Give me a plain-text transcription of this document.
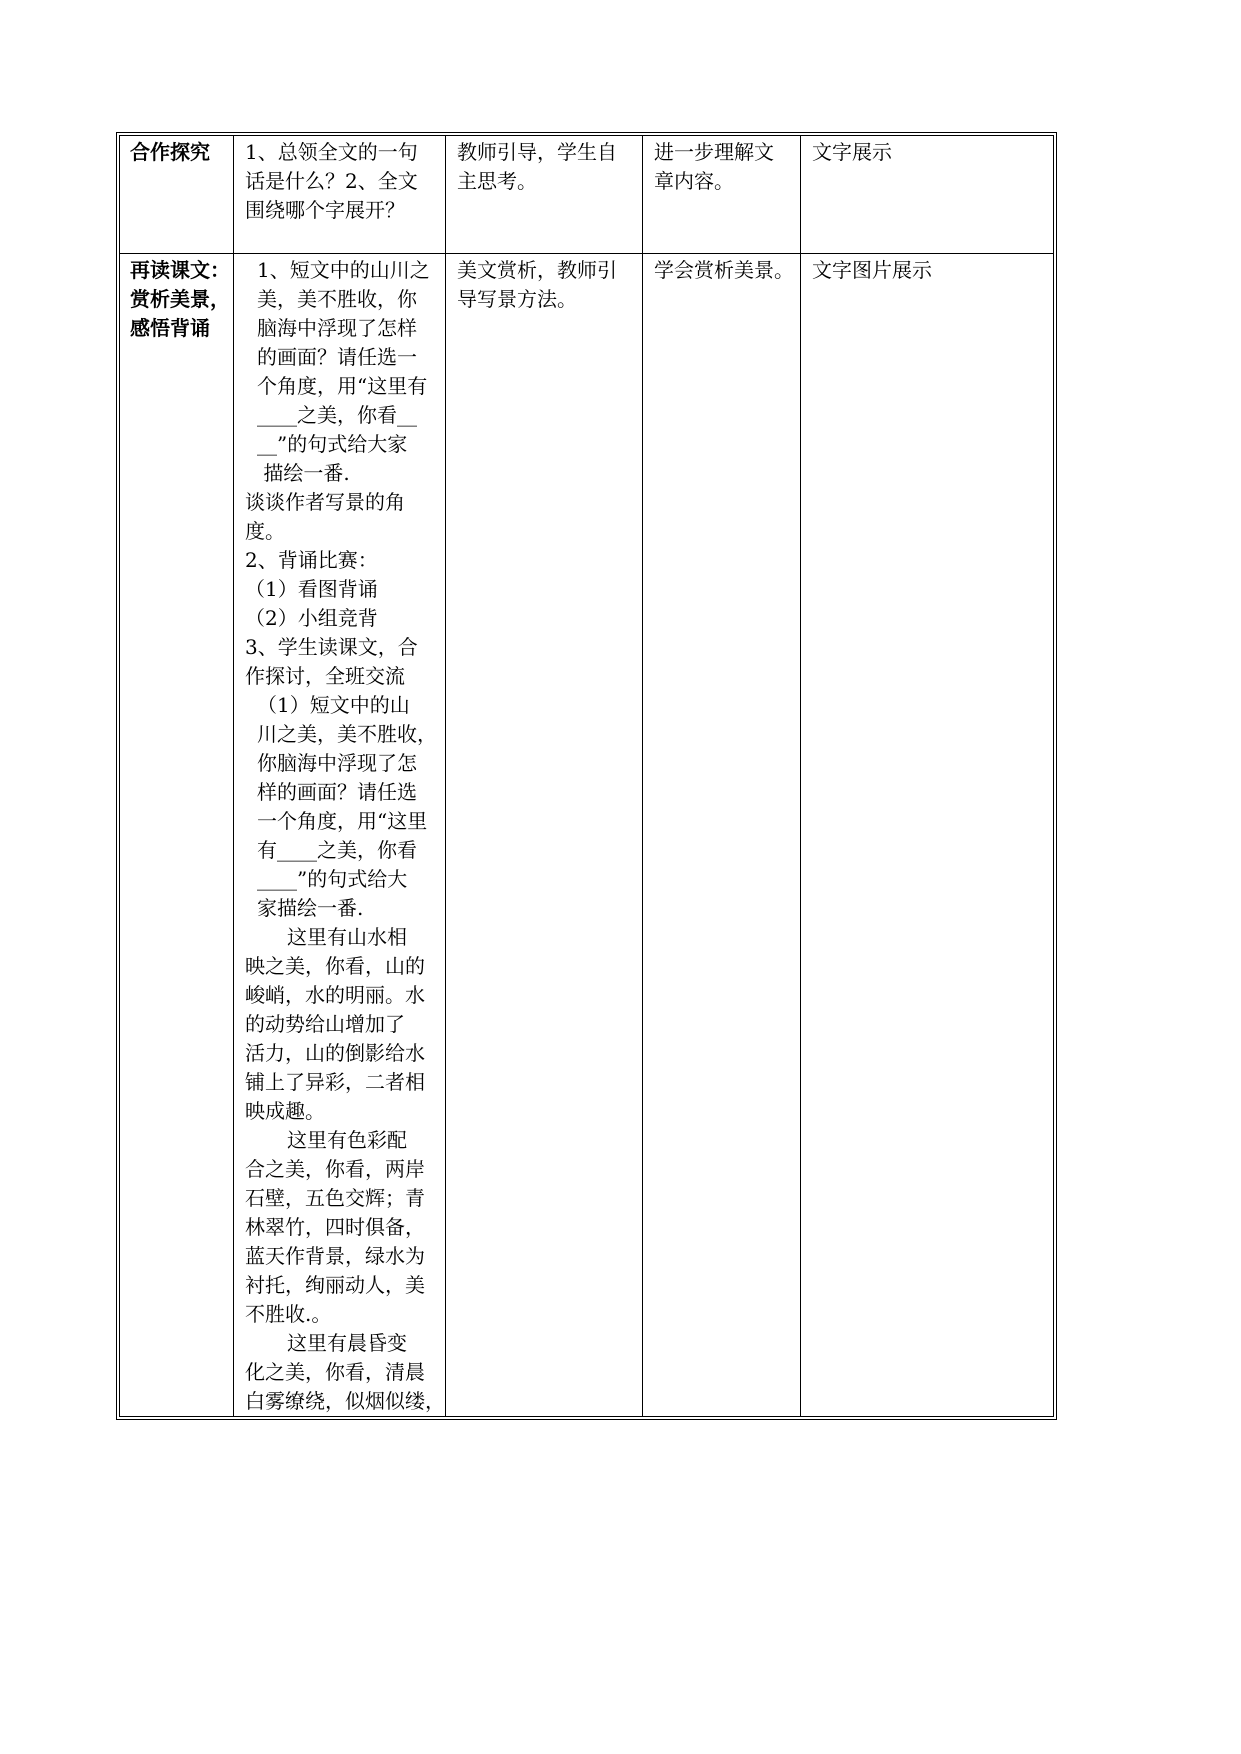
合作探究	1、总领全文的一句
话是什么？2、全文
围绕哪个字展开？
教师引导，学生自
主思考。
进一步理解文
章内容。
文字展示
再读课文：
赏析美景，
感悟背诵
1、短文中的山川之
美，美不胜收，你
脑海中浮现了怎样
的画面？请任选一
个角度，用“这里有
____之美，你看__
__”的句式给大家
描绘一番.
谈谈作者写景的角
度。
2、背诵比赛：
（1）看图背诵
（2）小组竞背
3、学生读课文，合
作探讨，全班交流
（1）短文中的山
川之美，美不胜收，
你脑海中浮现了怎
样的画面？请任选
一个角度，用“这里
有____之美，你看
____”的句式给大
家描绘一番.
这里有山水相
映之美，你看，山的
峻峭，水的明丽。水
的动势给山增加了
活力，山的倒影给水
铺上了异彩，二者相
映成趣。
这里有色彩配
合之美，你看，两岸
石壁，五色交辉；青
林翠竹，四时俱备，
蓝天作背景，绿水为
衬托，绚丽动人，美
不胜收.。
这里有晨昏变
化之美，你看，清晨
白雾缭绕，似烟似缕，
美文赏析，教师引
导写景方法。
学会赏析美景。 文字图片展示
